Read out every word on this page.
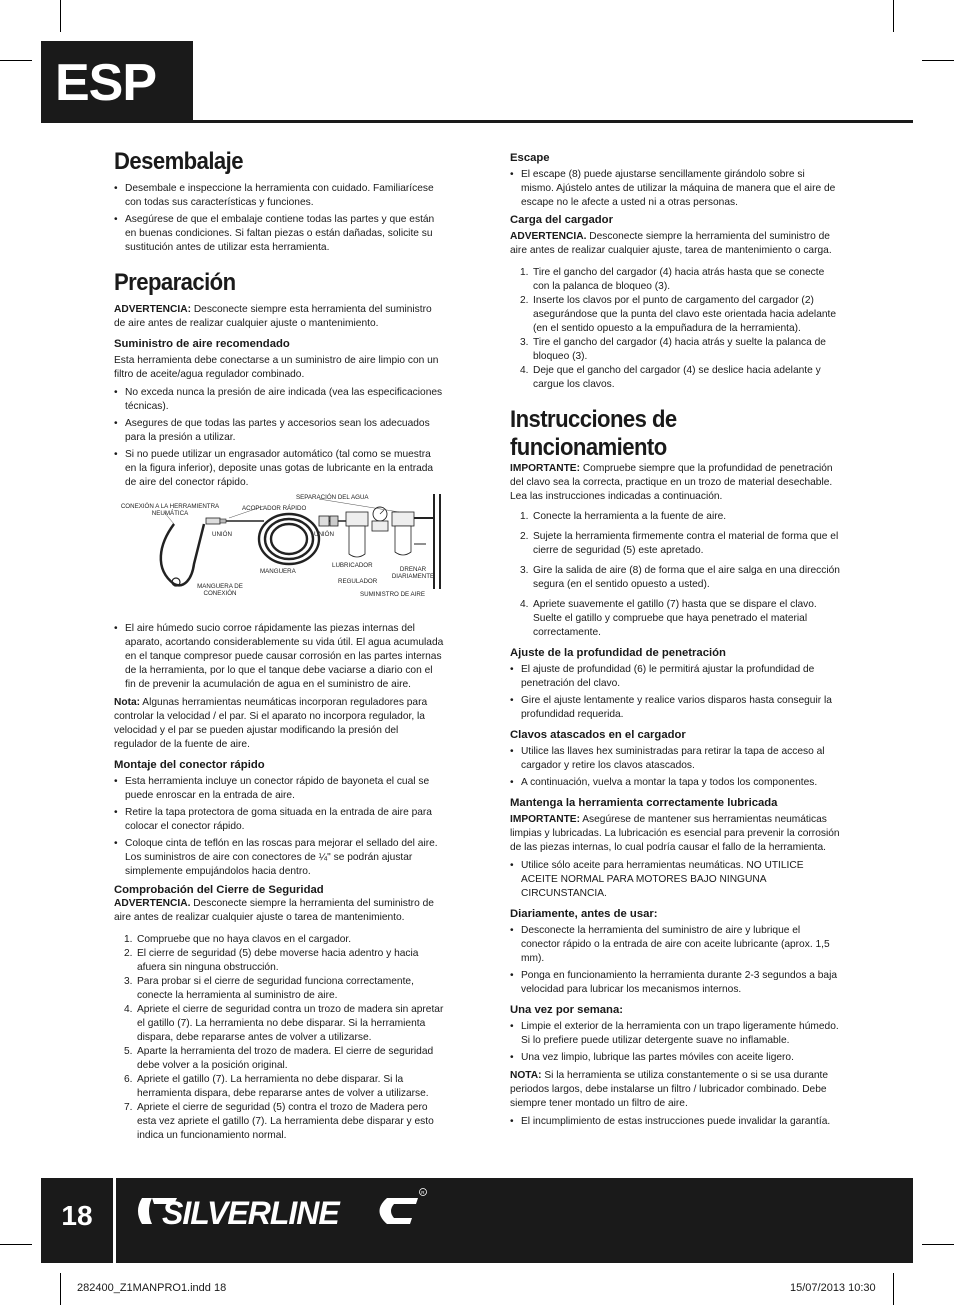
ESP
Desembalaje
• Desembale e inspeccione la herramienta con cuidado. Familiarícese con todas sus características y funciones.
• Asegúrese de que el embalaje contiene todas las partes y que están en buenas condiciones. Si faltan piezas o están dañadas, solicite su sustitución antes de utilizar esta herramienta.
Preparación

ADVERTENCIA: Desconecte siempre esta herramienta del suministro de aire antes de realizar cualquier ajuste o mantenimiento.

Suministro de aire recomendado

Esta herramienta debe conectarse a un suministro de aire limpio con un filtro de aceite/agua regulador combinado.

• No exceda nunca la presión de aire indicada (vea las especificaciones técnicas).
• Asegures de que todas las partes y accesorios sean los adecuados para la presión a utilizar.
• Si no puede utilizar un engrasador automático (tal como se muestra en la figura inferior), deposite unas gotas de lubricante en la entrada de aire del conector rápido.
SEPARACIÓN DEL AGUA
CONEXIÓN A LA HERRAMIENTRA NEUMÁTICA
ACOPLADOR RÁPIDO
UNIÓN	UNIÓN
LUBRICADOR
DRENAR DIARIAMENTE
MANGUERA
REGULADOR
MANGUERA DE CONEXIÓN	SUMINISTRO DE AIRE
• El aire húmedo sucio corroe rápidamente las piezas internas del aparato, acortando considerablemente su vida útil. El agua acumulada en el tanque compresor puede causar corrosión en las partes internas de la herramienta, por lo que el tanque debe vaciarse a diario con el fin de prevenir la acumulación de agua en el suministro de aire.

Nota: Algunas herramientas neumáticas incorporan reguladores para controlar la velocidad / el par. Si el aparato no incorpora regulador, la velocidad y el par se pueden ajustar modificando la presión del regulador de la fuente de aire.

Montaje del conector rápido
• Esta herramienta incluye un conector rápido de bayoneta el cual se puede enroscar en la entrada de aire.
• Retire la tapa protectora de goma situada en la entrada de aire para colocar el conector rápido.
• Coloque cinta de teflón en las roscas para mejorar el sellado del aire. Los suministros de aire con conectores de ¼" se podrán ajustar simplemente empujándolos hacia dentro.
Comprobación del Cierre de Seguridad

ADVERTENCIA. Desconecte siempre la herramienta del suministro de aire antes de realizar cualquier ajuste o tarea de mantenimiento.

1. Compruebe que no haya clavos en el cargador.
2. El cierre de seguridad (5) debe moverse hacia adentro y hacia afuera sin ninguna obstrucción.
3. Para probar si el cierre de seguridad funciona correctamente, conecte la herramienta al suministro de aire.
4. Apriete el cierre de seguridad contra un trozo de madera sin apretar el gatillo (7). La herramienta no debe disparar. Si la herramienta dispara, debe repararse antes de volver a utilizarse.
5. Aparte la herramienta del trozo de madera. El cierre de seguridad debe volver a la posición original.
6. Apriete el gatillo (7). La herramienta no debe disparar. Si la herramienta dispara, debe repararse antes de volver a utilizarse.
7. Apriete el cierre de seguridad (5) contra el trozo de Madera pero esta vez apriete el gatillo (7). La herramienta debe disparar y esto indica un funcionamiento normal.
Escape
• El escape (8) puede ajustarse sencillamente girándolo sobre si mismo. Ajústelo antes de utilizar la máquina de manera que el aire de escape no le afecte a usted ni a otras personas.
Carga del cargador

ADVERTENCIA. Desconecte siempre la herramienta del suministro de aire antes de realizar cualquier ajuste, tarea de mantenimiento o carga.

1. Tire el gancho del cargador (4) hacia atrás hasta que se conecte con la palanca de bloqueo (3).
2. Inserte los clavos por el punto de cargamento del cargador (2) asegurándose que la punta del clavo este orientada hacia adelante (en el sentido opuesto a la empuñadura de la herramienta).
3. Tire el gancho del cargador (4) hacia atrás y suelte la palanca de bloqueo (3).
4. Deje que el gancho del cargador (4) se deslice hacia adelante y cargue los clavos.
Instrucciones de funcionamiento

IMPORTANTE: Compruebe siempre que la profundidad de penetración del clavo sea la correcta, practique en un trozo de material desechable. Lea las instrucciones indicadas a continuación.

1. Conecte la herramienta a la fuente de aire.
2. Sujete la herramienta firmemente contra el material de forma que el cierre de seguridad (5) este apretado.
3. Gire la salida de aire (8) de forma que el aire salga en una dirección segura (en el sentido opuesto a usted).
4. Apriete suavemente el gatillo (7) hasta que se dispare el clavo. Suelte el gatillo y compruebe que haya penetrado el material correctamente.
Ajuste de la profundidad de penetración
• El ajuste de profundidad (6) le permitirá ajustar la profundidad de penetración del clavo.
• Gire el ajuste lentamente y realice varios disparos hasta conseguir la profundidad requerida.
Clavos atascados en el cargador
• Utilice las llaves hex suministradas para retirar la tapa de acceso al cargador y retire los clavos atascados.
• A continuación, vuelva a montar la tapa y todos los componentes.
Mantenga la herramienta correctamente lubricada

IMPORTANTE: Asegúrese de mantener sus herramientas neumáticas limpias y lubricadas. La lubricación es esencial para prevenir la corrosión de las piezas internas, lo cual podría causar el fallo de la herramienta.

• Utilice sólo aceite para herramientas neumáticas. NO UTILICE ACEITE NORMAL PARA MOTORES BAJO NINGUNA CIRCUNSTANCIA.
Diariamente, antes de usar:
• Desconecte la herramienta del suministro de aire y lubrique el conector rápido o la entrada de aire con aceite lubricante (aprox. 1,5 mm).
• Ponga en funcionamiento la herramienta durante 2-3 segundos a baja velocidad para lubricar los mecanismos internos.
Una vez por semana:
• Limpie el exterior de la herramienta con un trapo ligeramente húmedo. Si lo prefiere puede utilizar detergente suave no inflamable.
• Una vez limpio, lubrique las partes móviles con aceite ligero.

NOTA: Si la herramienta se utiliza constantemente o si se usa durante periodos largos, debe instalarse un filtro / lubricador combinado. Debe siempre tener montado un filtro de aire.

• El incumplimiento de estas instrucciones puede invalidar la garantía.
18	SILVERLINE
R
282400_Z1MANPRO1.indd 18	15/07/2013 10:30
